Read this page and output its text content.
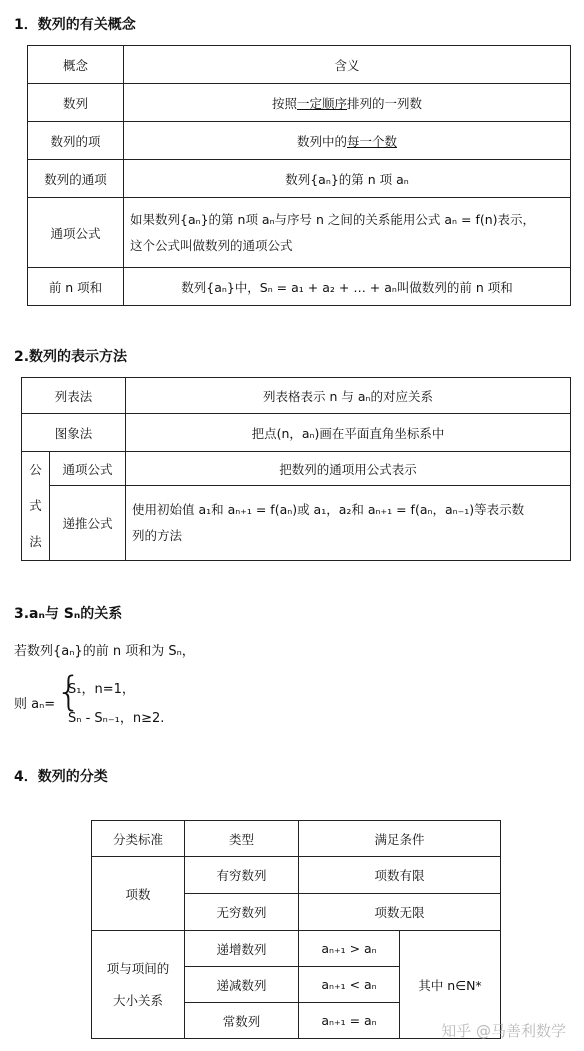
1．数列的有关概念
概念	含义
数列	按照一定顺序排列的一列数
数列的项	数列中的每一个数
数列的通项	数列{aₙ}的第 n 项 aₙ
通项公式	如果数列{aₙ}的第 n项 aₙ与序号 n 之间的关系能用公式 aₙ = f(n)表示，
这个公式叫做数列的通项公式

前 n 项和	数列{aₙ}中，Sₙ = a₁ + a₂ + … + aₙ叫做数列的前 n 项和
2.数列的表示方法
列表法		列表格表示 n 与 aₙ的对应关系
图象法		把点(n，aₙ)画在平面直角坐标系中

公
式
法	通项公式	把数列的通项用公式表示
	递推公式	使用初始值 a₁和 aₙ₊₁ = f(aₙ)或 a₁，a₂和 aₙ₊₁ = f(aₙ，aₙ₋₁)等表示数
列的方法
3.aₙ与 Sₙ的关系
若数列{aₙ}的前 n 项和为 Sₙ，
则 aₙ= {
S₁，n=1，
Sₙ - Sₙ₋₁，n≥2.
4．数列的分类
分类标准	类型	满足条件	
项数	有穷数列	项数有限	
	无穷数列	项数无限	

项与项间的
大小关系	递增数列	aₙ₊₁ > aₙ	其中 n∈N*
	递减数列	aₙ₊₁ < aₙ	
	常数列	aₙ₊₁ = aₙ	
知乎 @马善利数学
